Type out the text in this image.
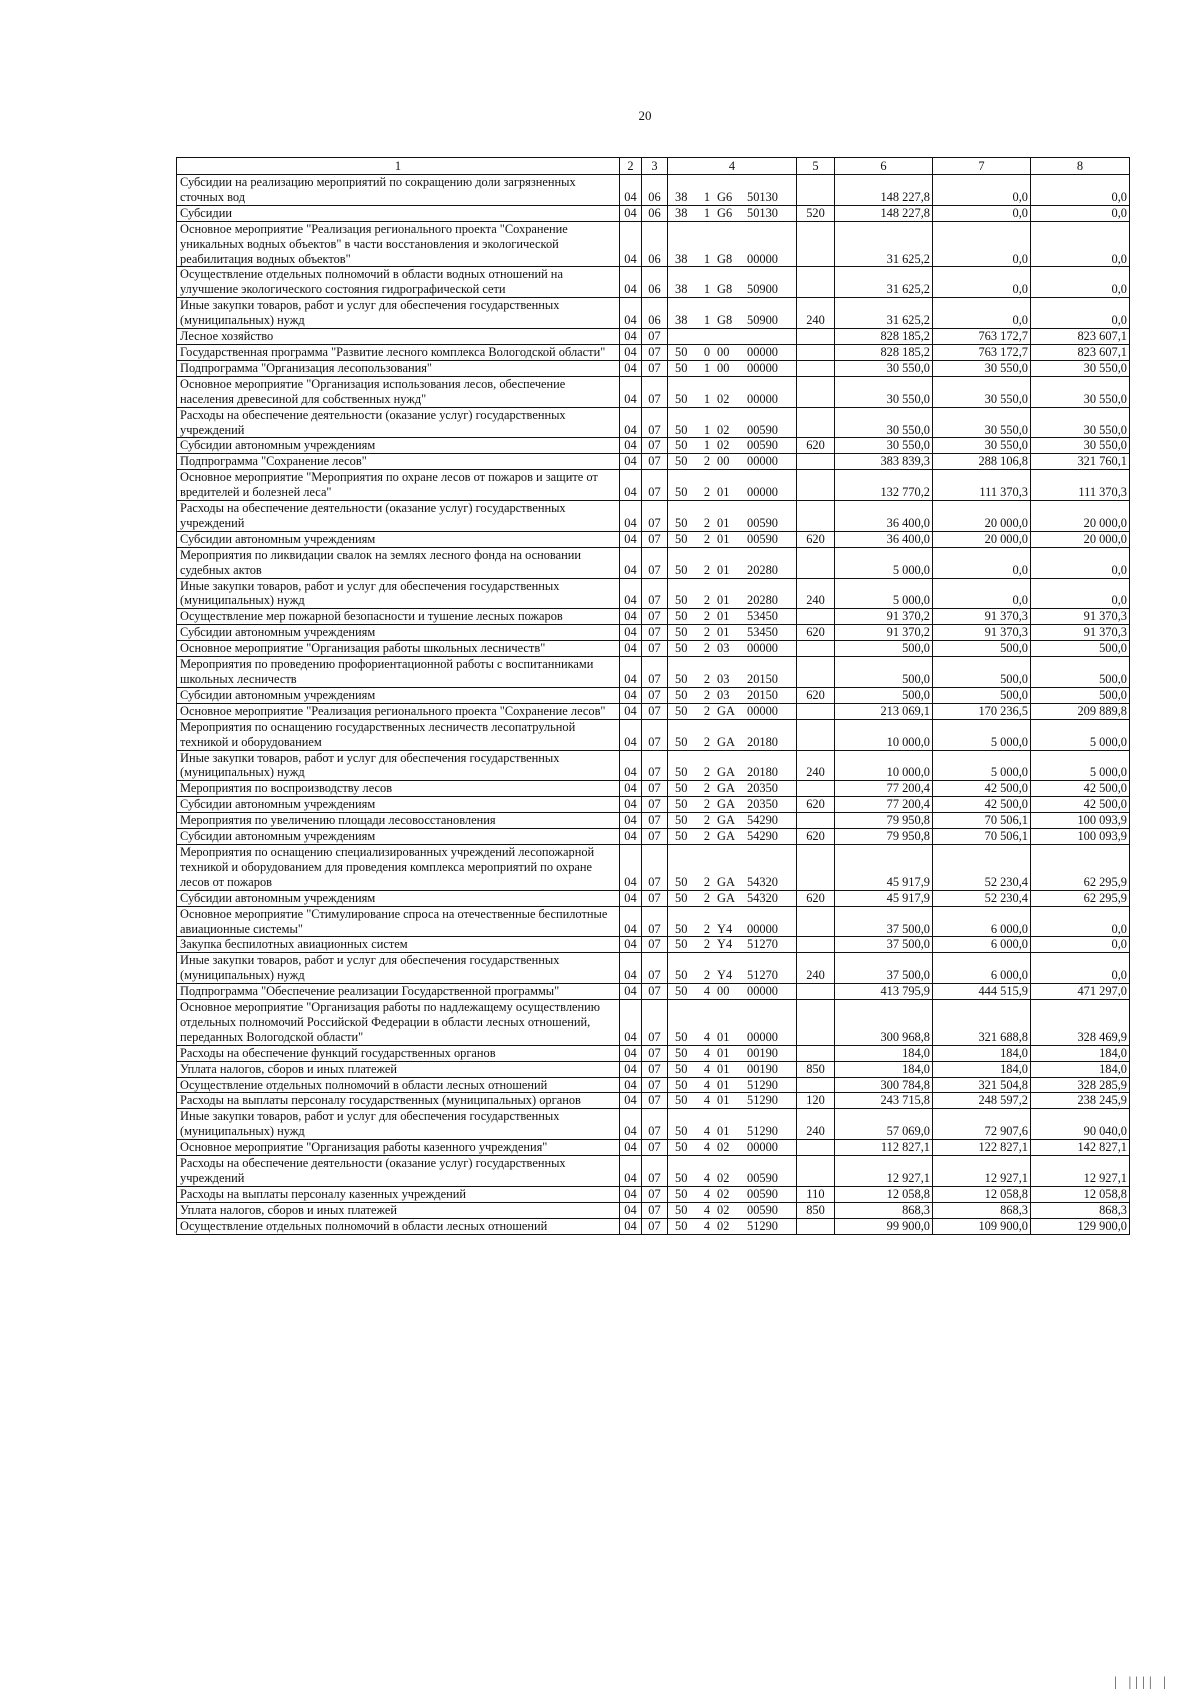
20
1	2	3	4	5	6	7	8
Субсидии на реализацию мероприятий по сокращению доли загрязненных сточных вод	04	06	38 1 G6 50130		148 227,8	0,0	0,0
Субсидии	04	06	38 1 G6 50130	520	148 227,8	0,0	0,0
Основное мероприятие "Реализация регионального проекта "Сохранение уникальных водных объектов" в части восстановления и экологической реабилитация водных объектов"	04	06	38 1 G8 00000		31 625,2	0,0	0,0
Осуществление отдельных полномочий в области водных отношений на улучшение экологического состояния гидрографической сети	04	06	38 1 G8 50900		31 625,2	0,0	0,0
Иные закупки товаров, работ и услуг для обеспечения государственных (муниципальных) нужд	04	06	38 1 G8 50900	240	31 625,2	0,0	0,0
Лесное хозяйство	04	07			828 185,2	763 172,7	823 607,1
Государственная программа "Развитие лесного комплекса Вологодской области"	04	07	50 0 00 00000		828 185,2	763 172,7	823 607,1
Подпрограмма "Организация лесопользования"	04	07	50 1 00 00000		30 550,0	30 550,0	30 550,0
Основное мероприятие "Организация использования лесов, обеспечение населения древесиной для собственных нужд"	04	07	50 1 02 00000		30 550,0	30 550,0	30 550,0
Расходы на обеспечение деятельности (оказание услуг) государственных учреждений	04	07	50 1 02 00590		30 550,0	30 550,0	30 550,0
Субсидии автономным учреждениям	04	07	50 1 02 00590	620	30 550,0	30 550,0	30 550,0
Подпрограмма "Сохранение лесов"	04	07	50 2 00 00000		383 839,3	288 106,8	321 760,1
Основное мероприятие "Мероприятия по охране лесов от пожаров и защите от вредителей и болезней леса"	04	07	50 2 01 00000		132 770,2	111 370,3	111 370,3
Расходы на обеспечение деятельности (оказание услуг) государственных учреждений	04	07	50 2 01 00590		36 400,0	20 000,0	20 000,0
Субсидии автономным учреждениям	04	07	50 2 01 00590	620	36 400,0	20 000,0	20 000,0
Мероприятия по ликвидации свалок на землях лесного фонда на основании судебных актов	04	07	50 2 01 20280		5 000,0	0,0	0,0
Иные закупки товаров, работ и услуг для обеспечения государственных (муниципальных) нужд	04	07	50 2 01 20280	240	5 000,0	0,0	0,0
Осуществление мер пожарной безопасности и тушение лесных пожаров	04	07	50 2 01 53450		91 370,2	91 370,3	91 370,3
Субсидии автономным учреждениям	04	07	50 2 01 53450	620	91 370,2	91 370,3	91 370,3
Основное мероприятие "Организация работы школьных лесничеств"	04	07	50 2 03 00000		500,0	500,0	500,0
Мероприятия по проведению профориентационной работы с воспитанниками школьных лесничеств	04	07	50 2 03 20150		500,0	500,0	500,0
Субсидии автономным учреждениям	04	07	50 2 03 20150	620	500,0	500,0	500,0
Основное мероприятие "Реализация регионального проекта "Сохранение лесов"	04	07	50 2 GA 00000		213 069,1	170 236,5	209 889,8
Мероприятия по оснащению государственных лесничеств лесопатрульной техникой и оборудованием	04	07	50 2 GA 20180		10 000,0	5 000,0	5 000,0
Иные закупки товаров, работ и услуг для обеспечения государственных (муниципальных) нужд	04	07	50 2 GA 20180	240	10 000,0	5 000,0	5 000,0
Мероприятия по воспроизводству лесов	04	07	50 2 GA 20350		77 200,4	42 500,0	42 500,0
Субсидии автономным учреждениям	04	07	50 2 GA 20350	620	77 200,4	42 500,0	42 500,0
Мероприятия по увеличению площади лесовосстановления	04	07	50 2 GA 54290		79 950,8	70 506,1	100 093,9
Субсидии автономным учреждениям	04	07	50 2 GA 54290	620	79 950,8	70 506,1	100 093,9
Мероприятия по оснащению специализированных учреждений лесопожарной техникой и оборудованием для проведения комплекса мероприятий по охране лесов от пожаров	04	07	50 2 GA 54320		45 917,9	52 230,4	62 295,9
Субсидии автономным учреждениям	04	07	50 2 GA 54320	620	45 917,9	52 230,4	62 295,9
Основное мероприятие "Стимулирование спроса на отечественные беспилотные авиационные системы"	04	07	50 2 Y4 00000		37 500,0	6 000,0	0,0
Закупка беспилотных авиационных систем	04	07	50 2 Y4 51270		37 500,0	6 000,0	0,0
Иные закупки товаров, работ и услуг для обеспечения государственных (муниципальных) нужд	04	07	50 2 Y4 51270	240	37 500,0	6 000,0	0,0
Подпрограмма "Обеспечение реализации Государственной программы"	04	07	50 4 00 00000		413 795,9	444 515,9	471 297,0
Основное мероприятие "Организация работы по надлежащему осуществлению отдельных полномочий Российской Федерации в области лесных отношений, переданных Вологодской области"	04	07	50 4 01 00000		300 968,8	321 688,8	328 469,9
Расходы на обеспечение функций государственных органов	04	07	50 4 01 00190		184,0	184,0	184,0
Уплата налогов, сборов и иных платежей	04	07	50 4 01 00190	850	184,0	184,0	184,0
Осуществление отдельных полномочий в области лесных отношений	04	07	50 4 01 51290		300 784,8	321 504,8	328 285,9
Расходы на выплаты персоналу государственных (муниципальных) органов	04	07	50 4 01 51290	120	243 715,8	248 597,2	238 245,9
Иные закупки товаров, работ и услуг для обеспечения государственных (муниципальных) нужд	04	07	50 4 01 51290	240	57 069,0	72 907,6	90 040,0
Основное мероприятие "Организация работы казенного учреждения"	04	07	50 4 02 00000		112 827,1	122 827,1	142 827,1
Расходы на обеспечение деятельности (оказание услуг) государственных учреждений	04	07	50 4 02 00590		12 927,1	12 927,1	12 927,1
Расходы на выплаты персоналу казенных учреждений	04	07	50 4 02 00590	110	12 058,8	12 058,8	12 058,8
Уплата налогов, сборов и иных платежей	04	07	50 4 02 00590	850	868,3	868,3	868,3
Осуществление отдельных полномочий в области лесных отношений	04	07	50 4 02 51290		99 900,0	109 900,0	129 900,0
| |||| |
